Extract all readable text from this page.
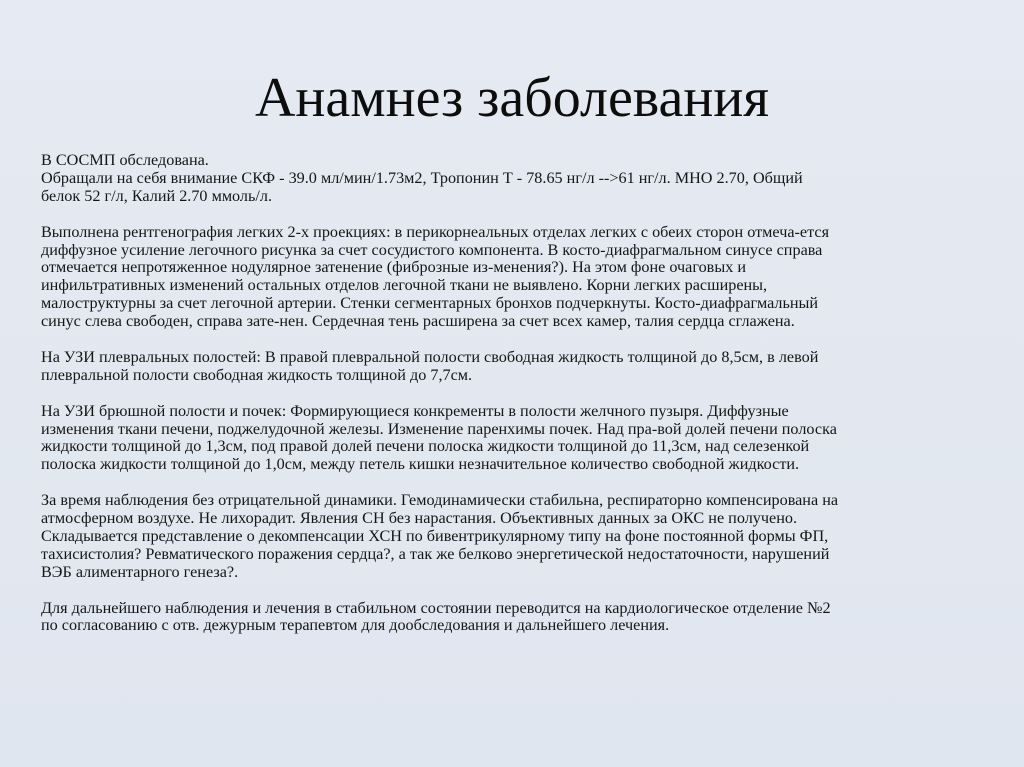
Анамнез заболевания

В СОСМП обследована.
Обращали на себя внимание СКФ - 39.0 мл/мин/1.73м2, Тропонин Т - 78.65 нг/л -->61 нг/л. МНО 2.70, Общий
белок 52 г/л, Калий 2.70 ммоль/л.

Выполнена рентгенография легких 2-х проекциях: в перикорнеальных отделах легких с обеих сторон отмеча-ется
диффузное усиление легочного рисунка за счет сосудистого компонента. В косто-диафрагмальном синусе справа
отмечается непротяженное нодулярное затенение (фиброзные из-менения?). На этом фоне очаговых и
инфильтративных изменений остальных отделов легочной ткани не выявлено. Корни легких расширены,
малоструктурны за счет легочной артерии. Стенки сегментарных бронхов подчеркнуты. Косто-диафрагмальный
синус слева свободен, справа зате-нен. Сердечная тень расширена за счет всех камер, талия сердца сглажена.

На УЗИ плевральных полостей: В правой плевральной полости свободная жидкость толщиной до 8,5см, в левой
плевральной полости свободная жидкость толщиной до 7,7см.

На УЗИ брюшной полости и почек: Формирующиеся конкременты в полости желчного пузыря. Диффузные
изменения ткани печени, поджелудочной железы. Изменение паренхимы почек. Над пра-вой долей печени полоска
жидкости толщиной до 1,3см, под правой долей печени полоска жидкости толщиной до 11,3см, над селезенкой
полоска жидкости толщиной до 1,0см, между петель кишки незначительное количество свободной жидкости.

За время наблюдения без отрицательной динамики. Гемодинамически стабильна, респираторно компенсирована на
атмосферном воздухе. Не лихорадит. Явления СН без нарастания. Объективных данных за ОКС не получено.
Складывается представление о декомпенсации ХСН по бивентрикулярному типу на фоне постоянной формы ФП,
тахисистолия? Ревматического поражения сердца?, а так же белково энергетической недостаточности, нарушений
ВЭБ алиментарного генеза?.

Для дальнейшего наблюдения и лечения в стабильном состоянии переводится на кардиологическое отделение №2
по согласованию с отв. дежурным терапевтом для дообследования и дальнейшего лечения.
